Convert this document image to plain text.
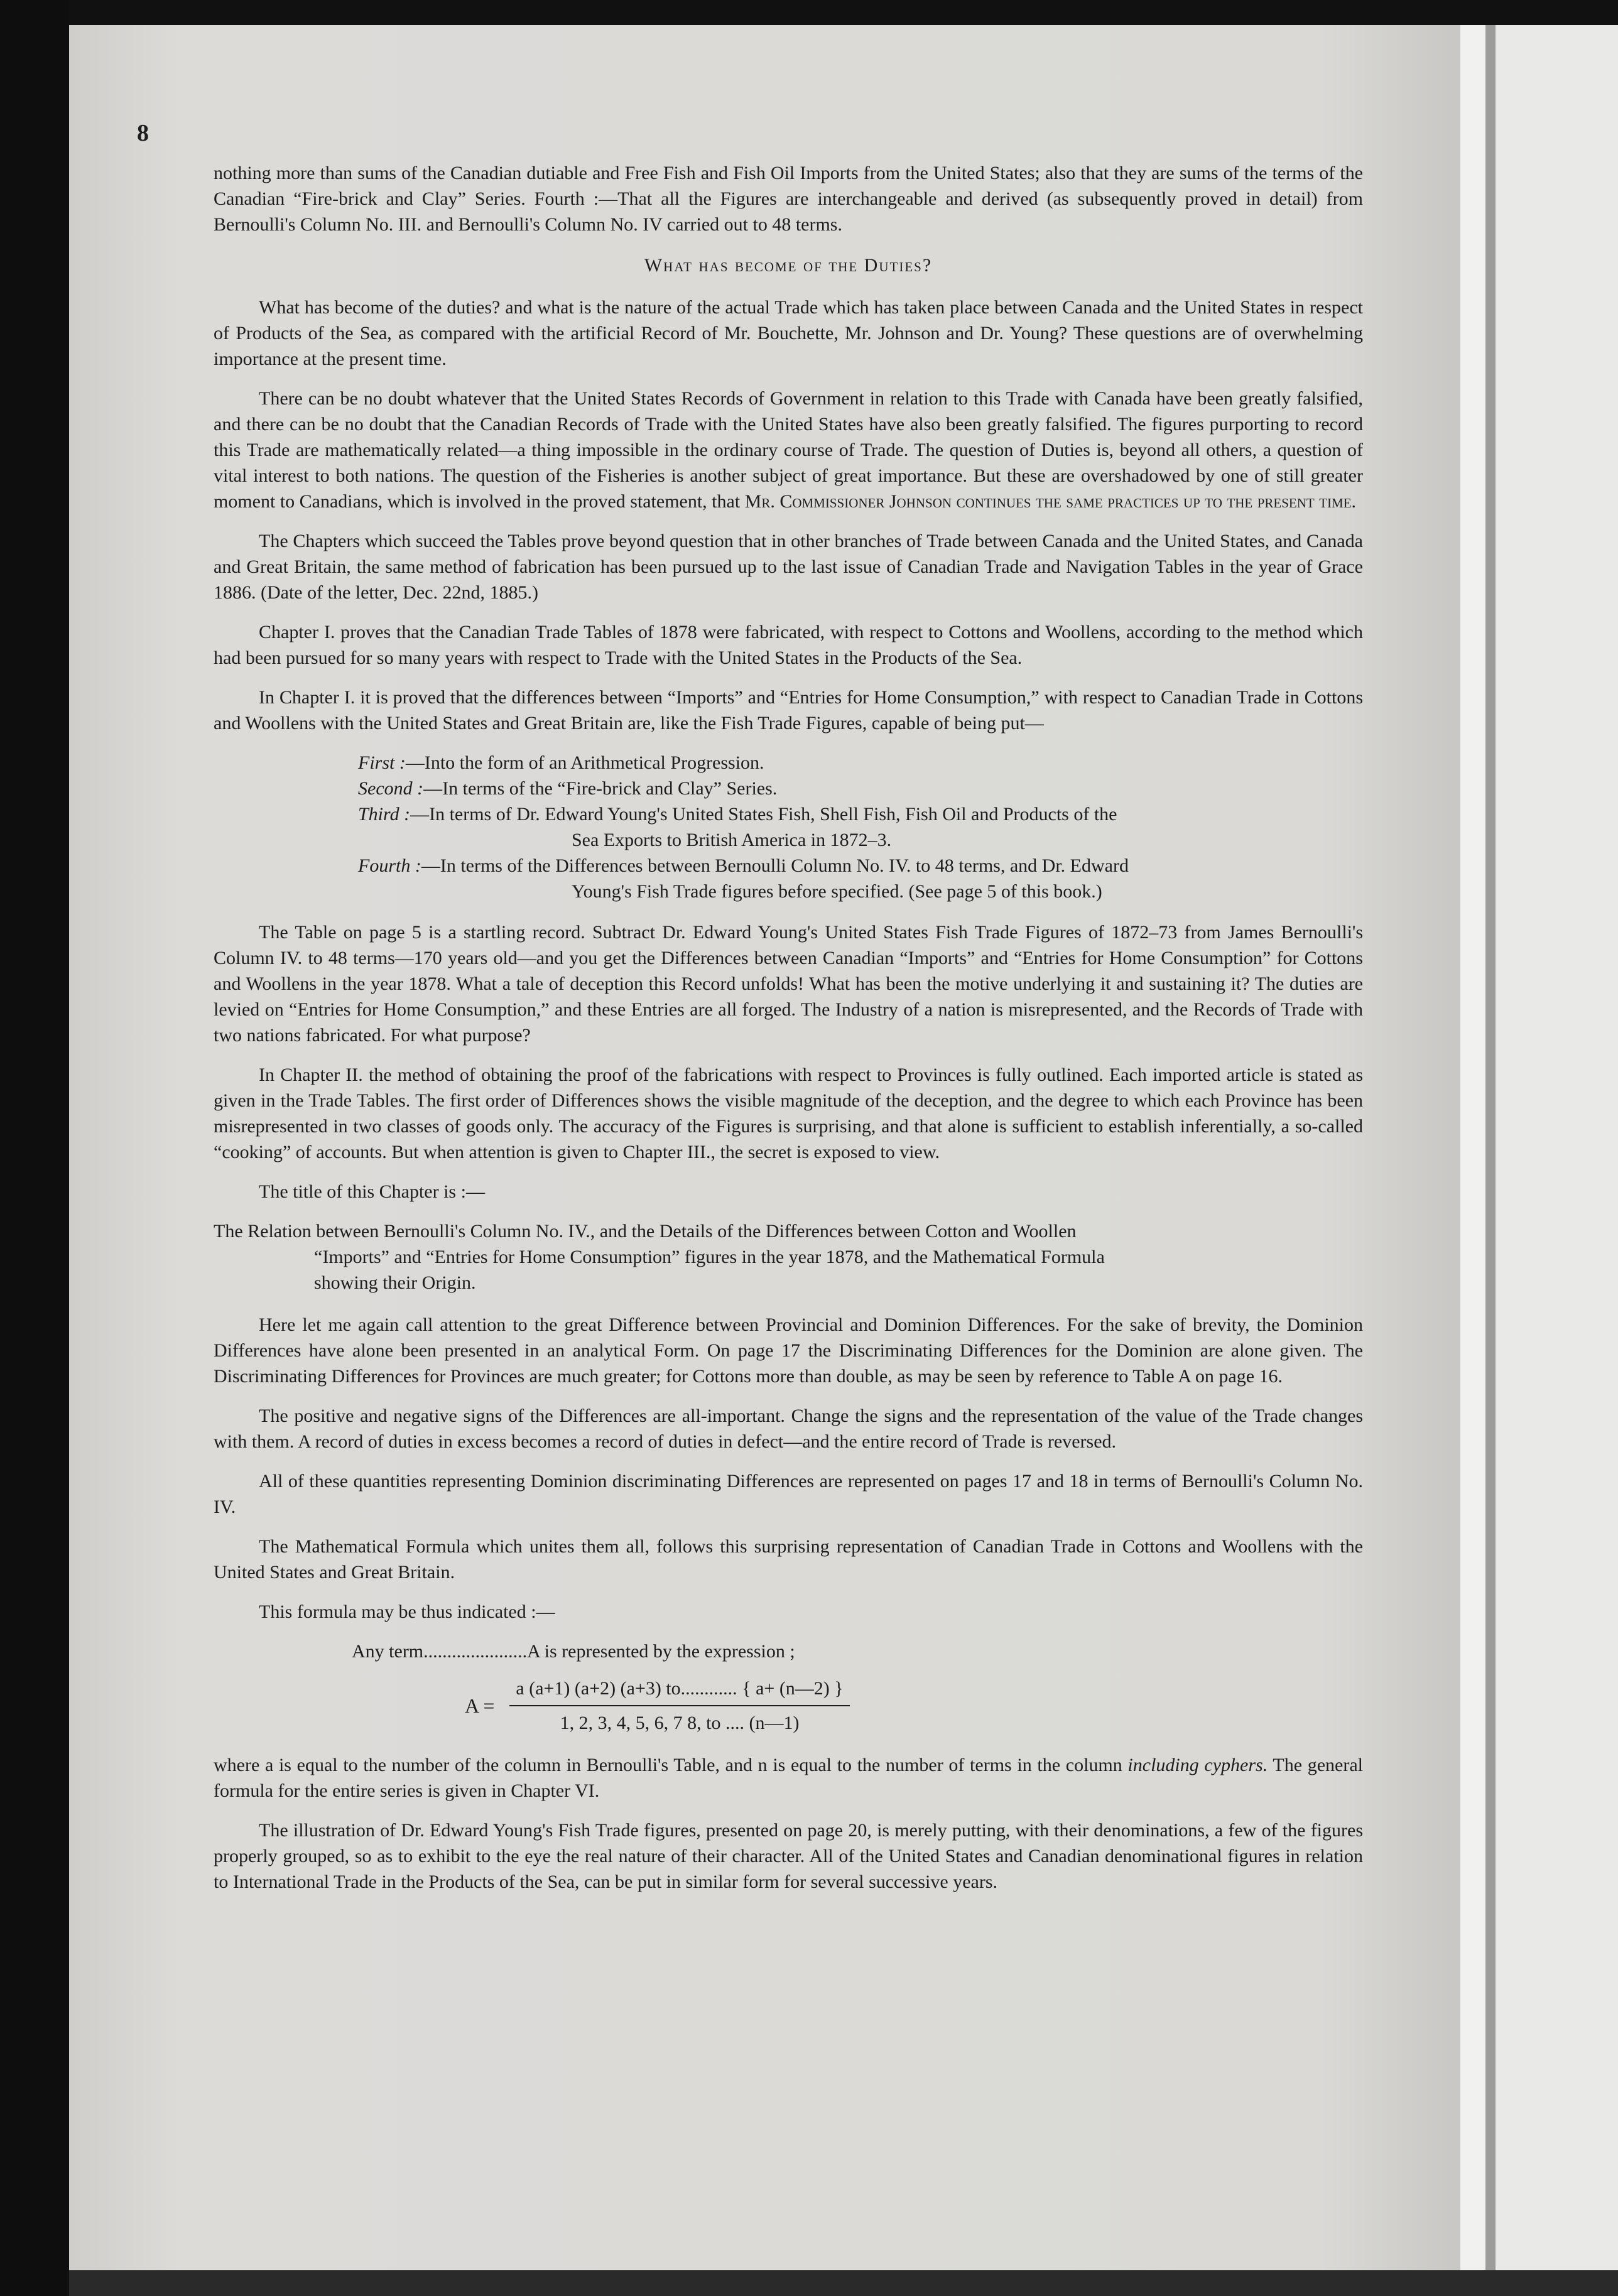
8

nothing more than sums of the Canadian dutiable and Free Fish and Fish Oil Imports from the United States; also that they are sums of the terms of the Canadian “Fire-brick and Clay” Series. Fourth :—That all the Figures are interchangeable and derived (as subsequently proved in detail) from Bernoulli's Column No. III. and Bernoulli's Column No. IV carried out to 48 terms.

What has become of the Duties?

What has become of the duties? and what is the nature of the actual Trade which has taken place between Canada and the United States in respect of Products of the Sea, as compared with the artificial Record of Mr. Bouchette, Mr. Johnson and Dr. Young? These questions are of overwhelming importance at the present time.

There can be no doubt whatever that the United States Records of Government in relation to this Trade with Canada have been greatly falsified, and there can be no doubt that the Canadian Records of Trade with the United States have also been greatly falsified. The figures purporting to record this Trade are mathematically related—a thing impossible in the ordinary course of Trade. The question of Duties is, beyond all others, a question of vital interest to both nations. The question of the Fisheries is another subject of great importance. But these are overshadowed by one of still greater moment to Canadians, which is involved in the proved statement, that Mr. Commissioner Johnson continues the same practices up to the present time.

The Chapters which succeed the Tables prove beyond question that in other branches of Trade between Canada and the United States, and Canada and Great Britain, the same method of fabrication has been pursued up to the last issue of Canadian Trade and Navigation Tables in the year of Grace 1886. (Date of the letter, Dec. 22nd, 1885.)

Chapter I. proves that the Canadian Trade Tables of 1878 were fabricated, with respect to Cottons and Woollens, according to the method which had been pursued for so many years with respect to Trade with the United States in the Products of the Sea.

In Chapter I. it is proved that the differences between “Imports” and “Entries for Home Consumption,” with respect to Canadian Trade in Cottons and Woollens with the United States and Great Britain are, like the Fish Trade Figures, capable of being put—

First :—Into the form of an Arithmetical Progression.
Second :—In terms of the “Fire-brick and Clay” Series.
Third :—In terms of Dr. Edward Young's United States Fish, Shell Fish, Fish Oil and Products of the
Sea Exports to British America in 1872–3.
Fourth :—In terms of the Differences between Bernoulli Column No. IV. to 48 terms, and Dr. Edward
Young's Fish Trade figures before specified. (See page 5 of this book.)

The Table on page 5 is a startling record. Subtract Dr. Edward Young's United States Fish Trade Figures of 1872–73 from James Bernoulli's Column IV. to 48 terms—170 years old—and you get the Differences between Canadian “Imports” and “Entries for Home Consumption” for Cottons and Woollens in the year 1878. What a tale of deception this Record unfolds! What has been the motive underlying it and sustaining it? The duties are levied on “Entries for Home Consumption,” and these Entries are all forged. The Industry of a nation is misrepresented, and the Records of Trade with two nations fabricated. For what purpose?

In Chapter II. the method of obtaining the proof of the fabrications with respect to Provinces is fully outlined. Each imported article is stated as given in the Trade Tables. The first order of Differences shows the visible magnitude of the deception, and the degree to which each Province has been misrepresented in two classes of goods only. The accuracy of the Figures is surprising, and that alone is sufficient to establish inferentially, a so-called “cooking” of accounts. But when attention is given to Chapter III., the secret is exposed to view.

The title of this Chapter is :—

The Relation between Bernoulli's Column No. IV., and the Details of the Differences between Cotton and Woollen
“Imports” and “Entries for Home Consumption” figures in the year 1878, and the Mathematical Formula
showing their Origin.

Here let me again call attention to the great Difference between Provincial and Dominion Differences. For the sake of brevity, the Dominion Differences have alone been presented in an analytical Form. On page 17 the Discriminating Differences for the Dominion are alone given. The Discriminating Differences for Provinces are much greater; for Cottons more than double, as may be seen by reference to Table A on page 16.

The positive and negative signs of the Differences are all-important. Change the signs and the representation of the value of the Trade changes with them. A record of duties in excess becomes a record of duties in defect—and the entire record of Trade is reversed.

All of these quantities representing Dominion discriminating Differences are represented on pages 17 and 18 in terms of Bernoulli's Column No. IV.

The Mathematical Formula which unites them all, follows this surprising representation of Canadian Trade in Cottons and Woollens with the United States and Great Britain.

This formula may be thus indicated :—

Any term......................A is represented by the expression ;
$A = \frac{a (a+1) (a+2) (a+3) to............ \{ a+ (n—2) \}}{1, 2, 3, 4, 5, 6, 7 8, to .... (n—1)}$

where a is equal to the number of the column in Bernoulli's Table, and n is equal to the number of terms in the column including cyphers. The general formula for the entire series is given in Chapter VI.

The illustration of Dr. Edward Young's Fish Trade figures, presented on page 20, is merely putting, with their denominations, a few of the figures properly grouped, so as to exhibit to the eye the real nature of their character. All of the United States and Canadian denominational figures in relation to International Trade in the Products of the Sea, can be put in similar form for several successive years.
